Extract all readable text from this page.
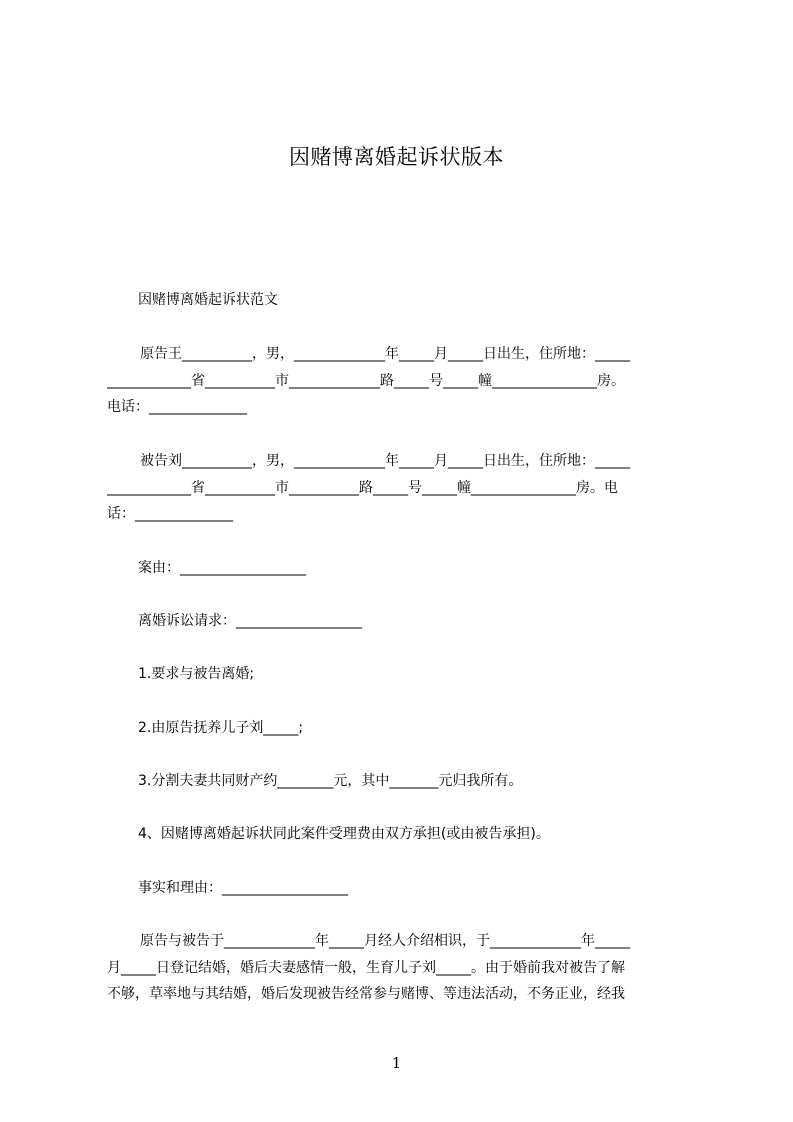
因赌博离婚起诉状版本

因赌博离婚起诉状范文

原告王__________，男，_____________年_____月_____日出生，住所地：_____
____________省__________市_____________路_____号_____幢_______________房。
电话：______________

被告刘__________，男，_____________年_____月_____日出生，住所地：_____
____________省__________市__________路_____号_____幢_______________房。电
话：______________

案由：__________________

离婚诉讼请求：__________________

1.要求与被告离婚;

2.由原告抚养儿子刘_____;

3.分割夫妻共同财产约________元，其中_______元归我所有。

4、因赌博离婚起诉状同此案件受理费由双方承担(或由被告承担)。

事实和理由：__________________

原告与被告于_____________年_____月经人介绍相识，于_____________年_____
月_____日登记结婚，婚后夫妻感情一般，生育儿子刘_____。由于婚前我对被告了解
不够，草率地与其结婚，婚后发现被告经常参与赌博、等违法活动，不务正业，经我

1
